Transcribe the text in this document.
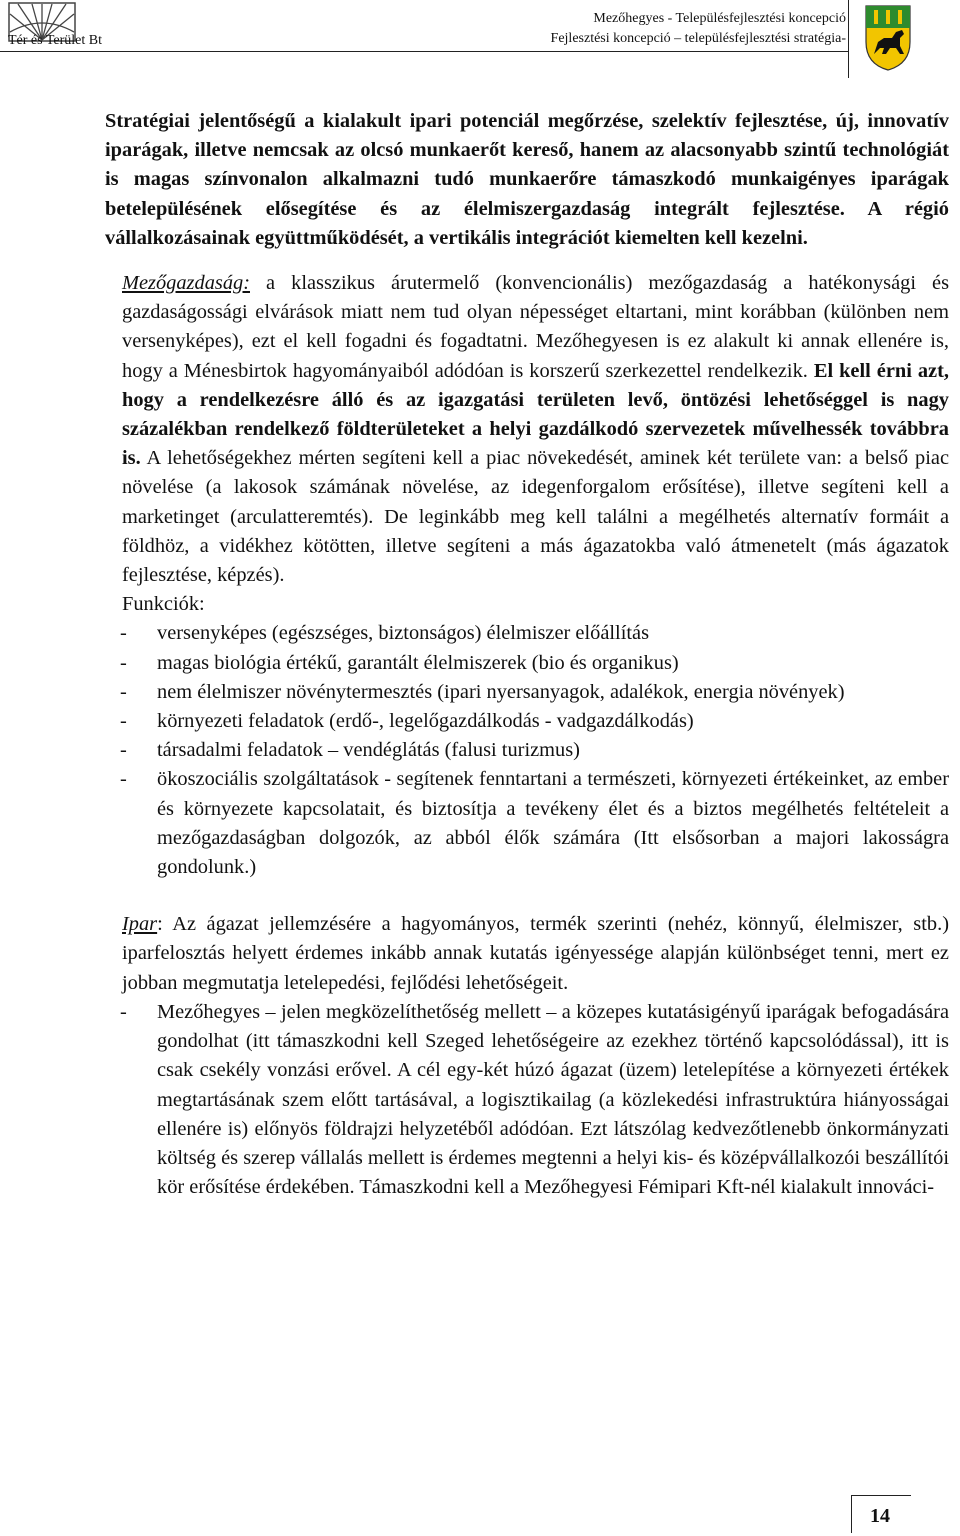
Tér és Terület Bt
Mezőhegyes - Településfejlesztési koncepció
Fejlesztési koncepció – településfejlesztési stratégia-

Stratégiai jelentőségű a kialakult ipari potenciál megőrzése, szelektív fejlesztése, új, innovatív iparágak, illetve nemcsak az olcsó munkaerőt kereső, hanem az alacsonyabb szintű technológiát is magas színvonalon alkalmazni tudó munkaerőre támaszkodó munkaigényes iparágak betelepülésének elősegítése és az élelmiszergazdaság integrált fejlesztése. A régió vállalkozásainak együttműködését, a vertikális integrációt kiemelten kell kezelni.

Mezőgazdaság: a klasszikus árutermelő (konvencionális) mezőgazdaság a hatékonysági és gazdaságossági elvárások miatt nem tud olyan népességet eltartani, mint korábban (különben nem versenyképes), ezt el kell fogadni és fogadtatni. Mezőhegyesen is ez alakult ki annak ellenére is, hogy a Ménesbirtok hagyományaiból adódóan is korszerű szerkezettel rendelkezik. El kell érni azt, hogy a rendelkezésre álló és az igazgatási területen levő, öntözési lehetőséggel is nagy százalékban rendelkező földterületeket a helyi gazdálkodó szervezetek művelhessék továbbra is. A lehetőségekhez mérten segíteni kell a piac növekedését, aminek két területe van: a belső piac növelése (a lakosok számának növelése, az idegenforgalom erősítése), illetve segíteni kell a marketinget (arculatteremtés). De leginkább meg kell találni a megélhetés alternatív formáit a földhöz, a vidékhez kötötten, illetve segíteni a más ágazatokba való átmenetelt (más ágazatok fejlesztése, képzés).

Funkciók:

- versenyképes (egészséges, biztonságos) élelmiszer előállítás
- magas biológia értékű, garantált élelmiszerek (bio és organikus)
- nem élelmiszer növénytermesztés (ipari nyersanyagok, adalékok, energia növények)
- környezeti feladatok (erdő-, legelőgazdálkodás - vadgazdálkodás)
- társadalmi feladatok – vendéglátás (falusi turizmus)
- ökoszociális szolgáltatások - segítenek fenntartani a természeti, környezeti értékeinket, az ember és környezete kapcsolatait, és biztosítja a tevékeny élet és a biztos megélhetés feltételeit a mezőgazdaságban dolgozók, az abból élők számára (Itt elsősorban a majori lakosságra gondolunk.)

Ipar: Az ágazat jellemzésére a hagyományos, termék szerinti (nehéz, könnyű, élelmiszer, stb.) iparfelosztás helyett érdemes inkább annak kutatás igényessége alapján különbséget tenni, mert ez jobban megmutatja letelepedési, fejlődési lehetőségeit.

- Mezőhegyes – jelen megközelíthetőség mellett – a közepes kutatásigényű iparágak befogadására gondolhat (itt támaszkodni kell Szeged lehetőségeire az ezekhez történő kapcsolódással), itt is csak csekély vonzási erővel. A cél egy-két húzó ágazat (üzem) letelepítése a környezeti értékek megtartásának szem előtt tartásával, a logisztikailag (a közlekedési infrastruktúra hiányosságai ellenére is) előnyös földrajzi helyzetéből adódóan. Ezt látszólag kedvezőtlenebb önkormányzati költség és szerep vállalás mellett is érdemes megtenni a helyi kis- és középvállalkozói beszállítói kör erősítése érdekében. Támaszkodni kell a Mezőhegyesi Fémipari Kft-nél kialakult innováci-
14
